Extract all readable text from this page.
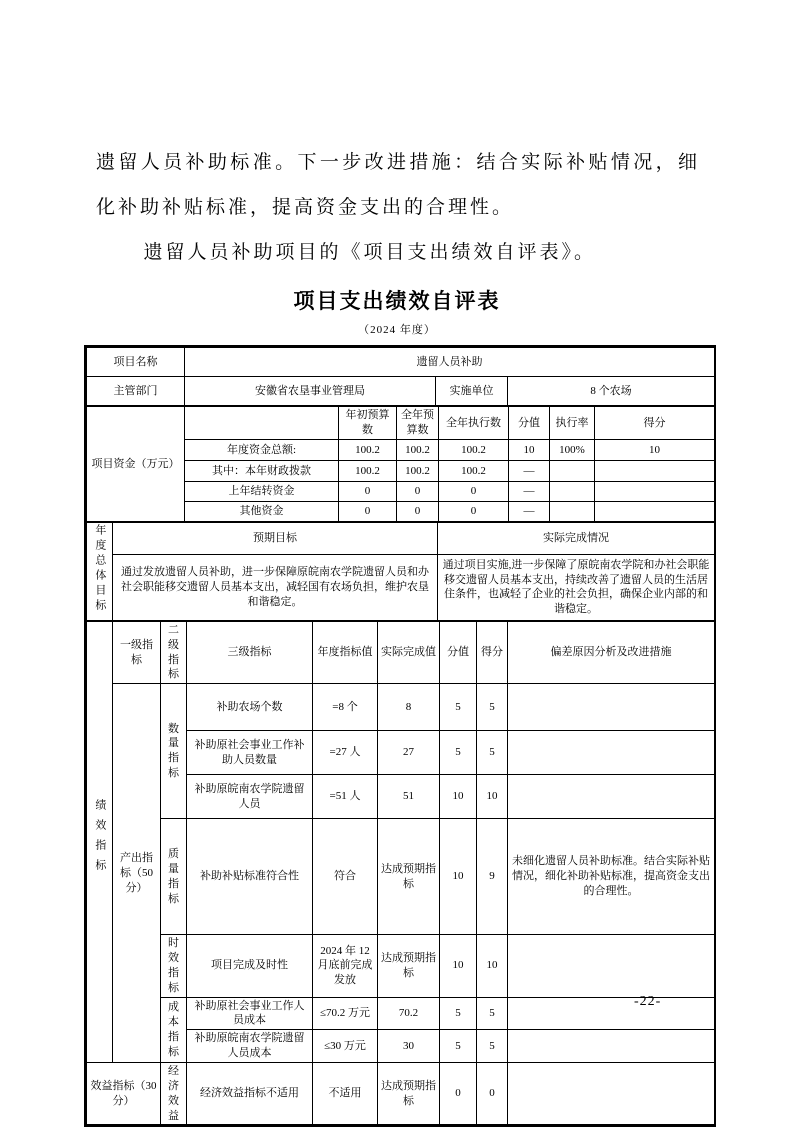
遗留人员补助标准。下一步改进措施：结合实际补贴情况，细化补助补贴标准，提高资金支出的合理性。

遗留人员补助项目的《项目支出绩效自评表》。

项目支出绩效自评表
（2024 年度）
项目名称	遗留人员补助		
主管部门	安徽省农垦事业管理局	实施单位	8 个农场
项目资金（万元）		年初预算数	全年预算数	全年执行数	分值	执行率	得分
	年度资金总额:	100.2	100.2	100.2	10	100%	10
	其中：本年财政拨款	100.2	100.2	100.2	—		
	上年结转资金	0	0	0	—		
	其他资金	0	0	0	—		
年度总体目标	预期目标	实际完成情况
	通过发放遗留人员补助，进一步保障原皖南农学院遗留人员和办社会职能移交遗留人员基本支出，减轻国有农场负担，维护农垦和谐稳定。	通过项目实施,进一步保障了原皖南农学院和办社会职能移交遗留人员基本支出，持续改善了遗留人员的生活居住条件，也减轻了企业的社会负担，确保企业内部的和谐稳定。
绩效指标	一级指标	二级指标	三级指标	年度指标值	实际完成值	分值	得分	偏差原因分析及改进措施
	产出指标（50分）	数量指标	补助农场个数	=8 个	8	5	5	
			补助原社会事业工作补助人员数量	=27 人	27	5	5	
			补助原皖南农学院遗留人员	=51 人	51	10	10	
		质量指标	补助补贴标准符合性	符合	达成预期指标	10	9	未细化遗留人员补助标准。结合实际补贴情况，细化补助补贴标准，提高资金支出的合理性。
		时效指标	项目完成及时性	2024 年 12 月底前完成发放	达成预期指标	10	10	
		成本指标	补助原社会事业工作人员成本	≤70.2 万元	70.2	5	5	
			补助原皖南农学院遗留人员成本	≤30 万元	30	5	5	
效益指标（30分）		经济效益	经济效益指标不适用	不适用	达成预期指标	0	0	
-22-
